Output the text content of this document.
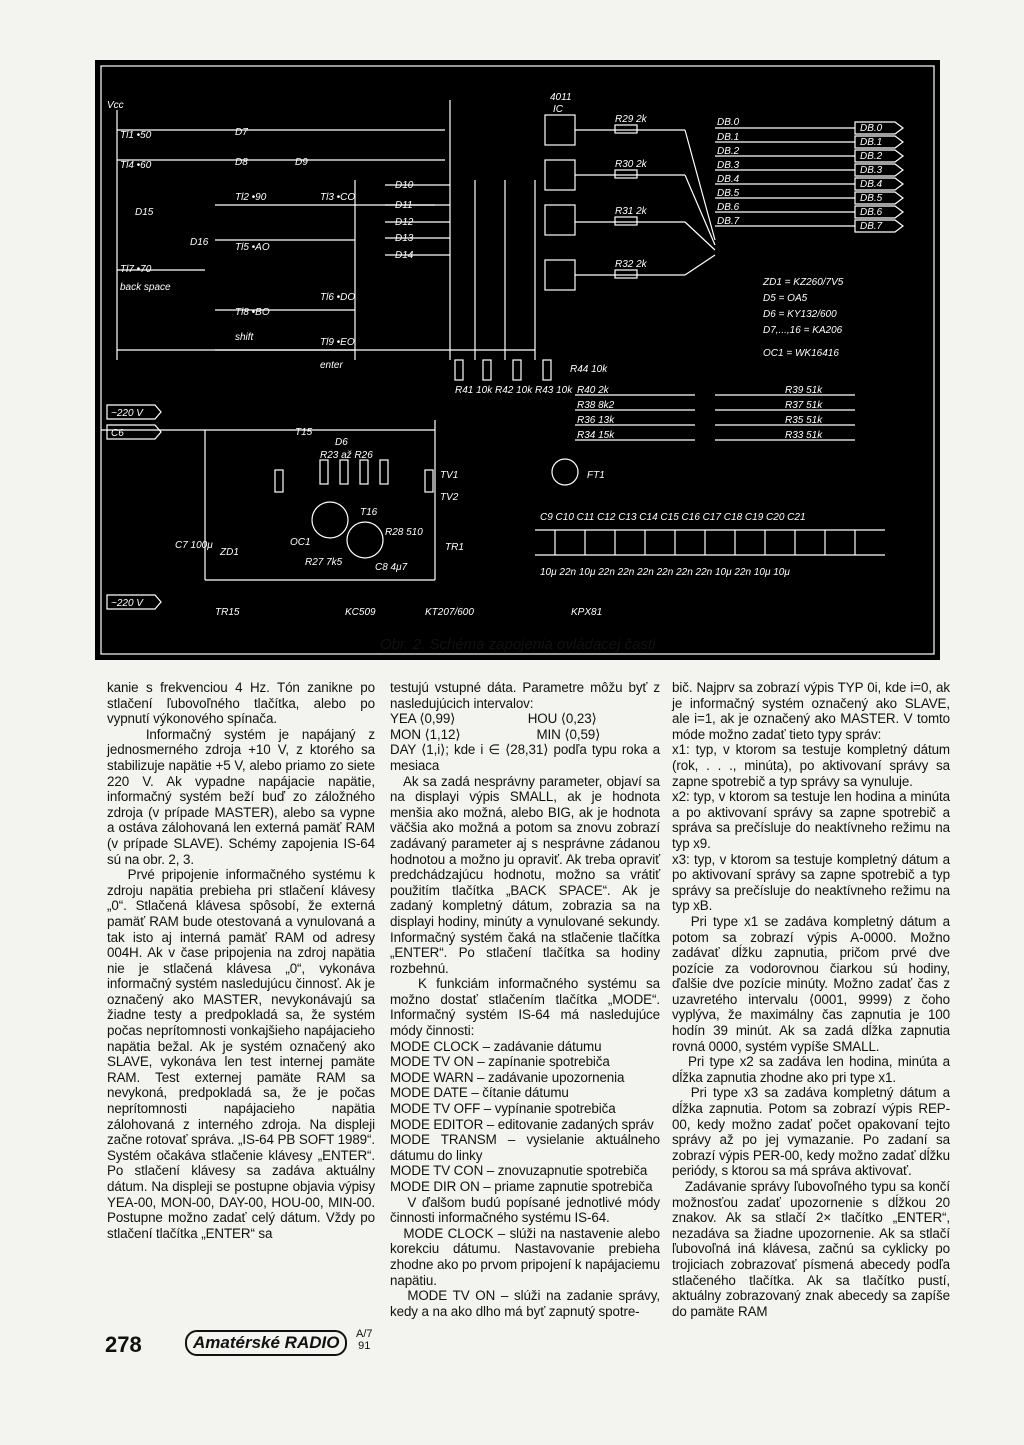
Vcc
4011
IC
Tl1 •50
Tl4 •60
Tl7 •70
back space
Tl2 •90	Tl3 •CO
Tl5 •AO
Tl8 •BO
shift
Tl6 •DO
Tl9 •EO
enter
D7
D8	D9
D10
D11
D12
D13
D14
D15
D16
DB.0
DB.1
DB.2
DB.3
DB.4
DB.5
DB.6
DB.7
DB.0
DB.1
DB.2
DB.3
DB.4
DB.5
DB.6
DB.7
ZD1 = KZ260/7V5
D5 = OA5
D6 = KY132/600
D7,...,16 = KA206
OC1 = WK16416
R29 2k
R30 2k
R31 2k
R32 2k
R41 10k R42 10k R43 10k
R44 10k
R40 2k
R38 8k2
R36 13k
R34 15k
R39 51k
R37 51k
R35 51k
R33 51k
C9 C10 C11 C12 C13 C14 C15 C16 C17 C18 C19 C20 C21
10μ 22n 10μ 22n 22n 22n 22n 22n 22n 10μ 22n 10μ 10μ
~220 V
C6
~220 V
TR15	KC509	KT207/600	KPX81
FT1
OC1
ZD1
TV1
TV2
TR1
T15
T16
D6
C7 100μ
C8 4μ7
R23 až R26
R27 7k5
R28 510
Obr. 2. Schéma zapojenia ovládacej časti

kanie s frekvenciou 4 Hz. Tón zanikne po stlačení ľubovoľného tlačítka, alebo po vypnutí výkonového spínača.

Informačný systém je napájaný z jednosmerného zdroja +10 V, z ktorého sa stabilizuje napätie +5 V, alebo priamo zo siete 220 V. Ak vypadne napájacie napätie, informačný systém beží buď zo záložného zdroja (v prípade MASTER), alebo sa vypne a ostáva zálohovaná len externá pamäť RAM (v prípade SLAVE). Schémy zapojenia IS-64 sú na obr. 2, 3.

Prvé pripojenie informačného systému k zdroju napätia prebieha pri stlačení klávesy „0“. Stlačená klávesa spôsobí, že externá pamäť RAM bude otestovaná a vynulovaná a tak isto aj interná pamäť RAM od adresy 004H. Ak v čase pripojenia na zdroj napätia nie je stlačená klávesa „0“, vykonáva informačný systém nasledujúcu činnosť. Ak je označený ako MASTER, nevykonávajú sa žiadne testy a predpokladá sa, že systém počas neprítomnosti vonkajšieho napájacieho napätia bežal. Ak je systém označený ako SLAVE, vykonáva len test internej pamäte RAM. Test externej pamäte RAM sa nevykoná, predpokladá sa, že je počas neprítomnosti napájacieho napätia zálohovaná z interného zdroja. Na displeji začne rotovať správa. „IS-64 PB SOFT 1989“. Systém očakáva stlačenie klávesy „ENTER“. Po stlačení klávesy sa zadáva aktuálny dátum. Na displeji se postupne objavia výpisy YEA-00, MON-00, DAY-00, HOU-00, MIN-00. Postupne možno zadať celý dátum. Vždy po stlačení tlačítka „ENTER“ sa

testujú vstupné dáta. Parametre môžu byť z nasledujúcich intervalov:

YEA ⟨0,99⟩                    HOU ⟨0,23⟩

MON ⟨1,12⟩                     MIN ⟨0,59⟩

DAY ⟨1,i⟩; kde i ∈ ⟨28,31⟩ podľa typu roka a mesiaca

Ak sa zadá nesprávny parameter, objaví sa na displayi výpis SMALL, ak je hodnota menšia ako možná, alebo BIG, ak je hodnota väčšia ako možná a potom sa znovu zobrazí zadávaný parameter aj s nesprávne zádanou hodnotou a možno ju opraviť. Ak treba opraviť predchádzajúcu hodnotu, možno sa vrátiť použitím tlačítka „BACK SPACE“. Ak je zadaný kompletný dátum, zobrazia sa na displayi hodiny, minúty a vynulované sekundy. Informačný systém čaká na stlačenie tlačítka „ENTER“. Po stlačení tlačítka sa hodiny rozbehnú.

K funkciám informačného systému sa možno dostať stlačením tlačítka „MODE“. Informačný systém IS-64 má nasledujúce módy činnosti:

MODE CLOCK – zadávanie dátumu

MODE TV ON – zapínanie spotrebiča

MODE WARN – zadávanie upozornenia

MODE DATE – čítanie dátumu

MODE TV OFF – vypínanie spotrebiča

MODE EDITOR – editovanie zadaných správ

MODE TRANSM – vysielanie aktuálneho dátumu do linky

MODE TV CON – znovuzapnutie spotrebiča

MODE DIR ON – priame zapnutie spotrebiča

V ďalšom budú popísané jednotlivé módy činnosti informačného systému IS-64.

MODE CLOCK – slúži na nastavenie alebo korekciu dátumu. Nastavovanie prebieha zhodne ako po prvom pripojení k napájaciemu napätiu.

MODE TV ON – slúži na zadanie správy, kedy a na ako dlho má byť zapnutý spotre-

bič. Najprv sa zobrazí výpis TYP 0i, kde i=0, ak je informačný systém označený ako SLAVE, ale i=1, ak je označený ako MASTER. V tomto móde možno zadať tieto typy správ:

x1: typ, v ktorom sa testuje kompletný dátum (rok, . . ., minúta), po aktivovaní správy sa zapne spotrebič a typ správy sa vynuluje.

x2: typ, v ktorom sa testuje len hodina a minúta a po aktivovaní správy sa zapne spotrebič a správa sa prečísluje do neaktívneho režimu na typ x9.

x3: typ, v ktorom sa testuje kompletný dátum a po aktivovaní správy sa zapne spotrebič a typ správy sa prečísluje do neaktívneho režimu na typ xB.

Pri type x1 se zadáva kompletný dátum a potom sa zobrazí výpis A-0000. Možno zadávať dĺžku zapnutia, pričom prvé dve pozície za vodorovnou čiarkou sú hodiny, ďalšie dve pozície minúty. Možno zadať čas z uzavretého intervalu ⟨0001, 9999⟩ z čoho vyplýva, že maximálny čas zapnutia je 100 hodín 39 minút. Ak sa zadá dĺžka zapnutia rovná 0000, systém vypíše SMALL.

Pri type x2 sa zadáva len hodina, minúta a dĺžka zapnutia zhodne ako pri type x1.

Pri type x3 sa zadáva kompletný dátum a dĺžka zapnutia. Potom sa zobrazí výpis REP-00, kedy možno zadať počet opakovaní tejto správy až po jej vymazanie. Po zadaní sa zobrazí výpis PER-00, kedy možno zadať dĺžku periódy, s ktorou sa má správa aktivovať.

Zadávanie správy ľubovoľného typu sa končí možnosťou zadať upozornenie s dĺžkou 20 znakov. Ak sa stlačí 2× tlačítko „ENTER“, nezadáva sa žiadne upozornenie. Ak sa stlačí ľubovoľná iná klávesa, začnú sa cyklicky po trojiciach zobrazovať písmená abecedy podľa stlačeného tlačítka. Ak sa tlačítko pustí, aktuálny zobrazovaný znak abecedy sa zapíše do pamäte RAM

278	Amatérské RADIO	A/7
91
